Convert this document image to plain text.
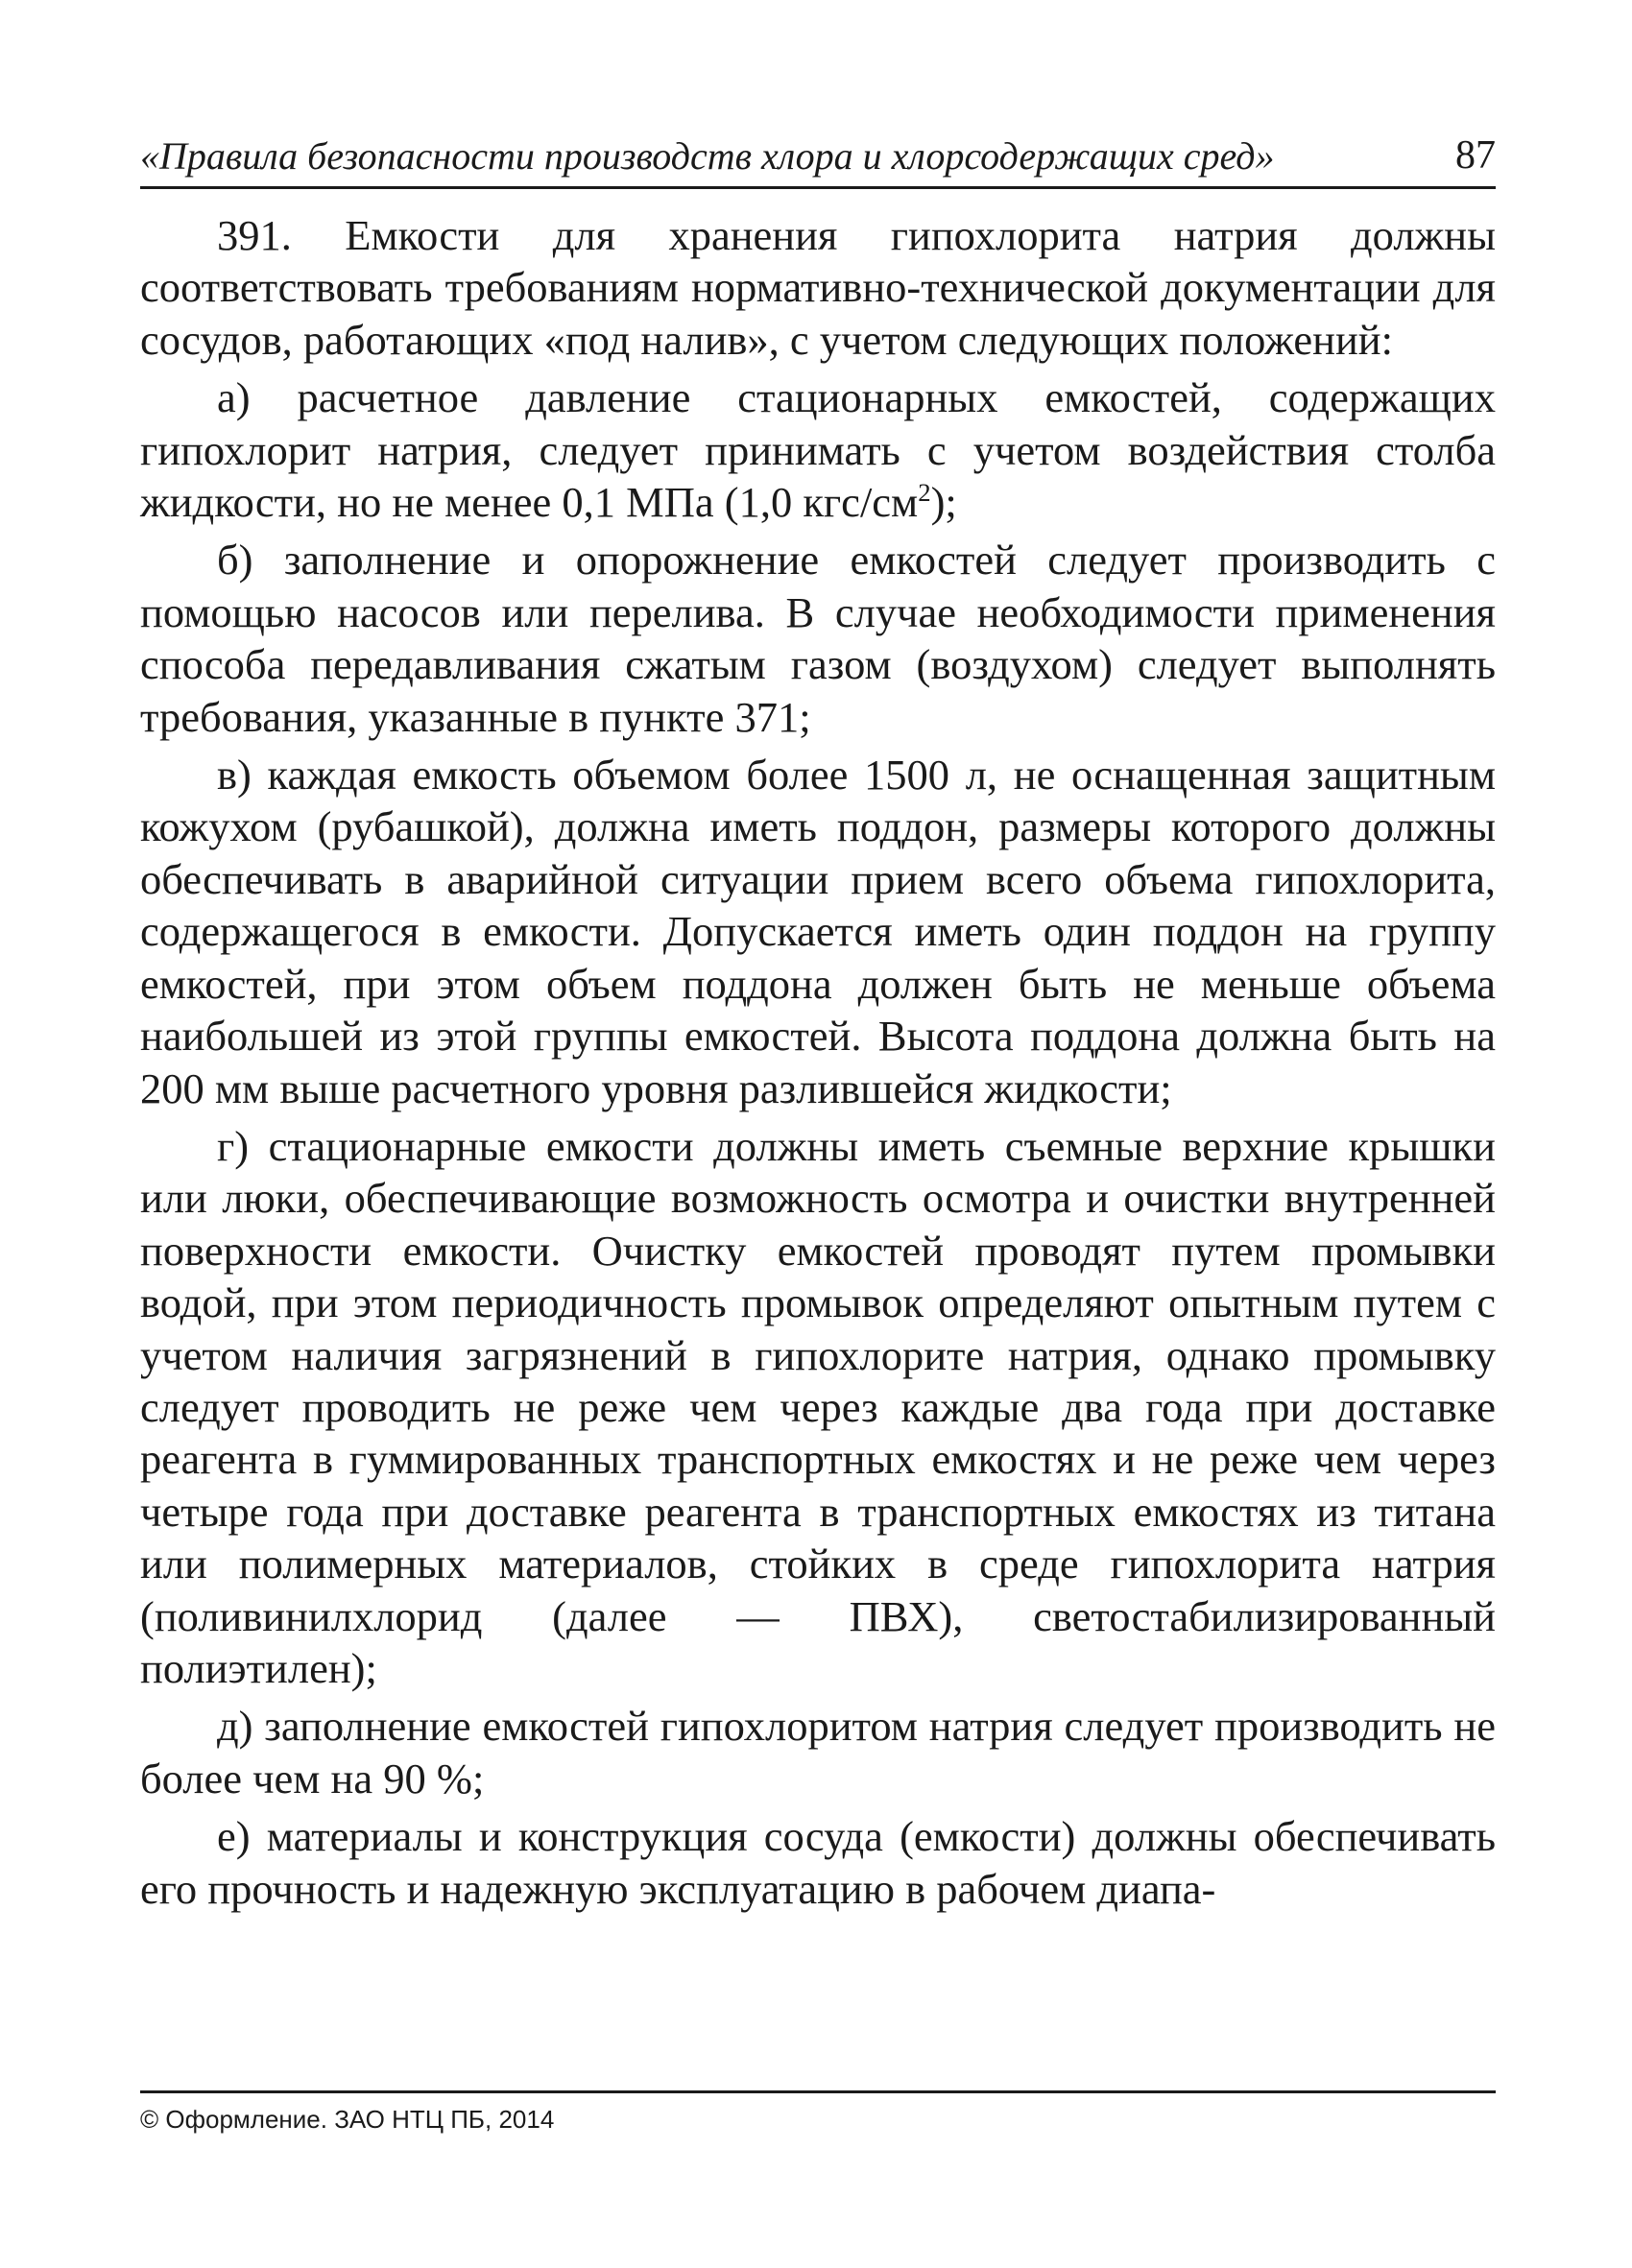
«Правила безопасности производств хлора и хлорсодержащих сред»	87

391. Емкости для хранения гипохлорита натрия должны соответствовать требованиям нормативно-технической документации для сосудов, работающих «под налив», с учетом следующих положений:

а) расчетное давление стационарных емкостей, содержащих гипохлорит натрия, следует принимать с учетом воздействия столба жидкости, но не менее 0,1 МПа (1,0 кгс/$см^2$);

б) заполнение и опорожнение емкостей следует производить с помощью насосов или перелива. В случае необходимости применения способа передавливания сжатым газом (воздухом) следует выполнять требования, указанные в пункте 371;

в) каждая емкость объемом более 1500 л, не оснащенная защитным кожухом (рубашкой), должна иметь поддон, размеры которого должны обеспечивать в аварийной ситуации прием всего объема гипохлорита, содержащегося в емкости. Допускается иметь один поддон на группу емкостей, при этом объем поддона должен быть не меньше объема наибольшей из этой группы емкостей. Высота поддона должна быть на 200 мм выше расчетного уровня разлившейся жидкости;

г) стационарные емкости должны иметь съемные верхние крышки или люки, обеспечивающие возможность осмотра и очистки внутренней поверхности емкости. Очистку емкостей проводят путем промывки водой, при этом периодичность промывок определяют опытным путем с учетом наличия загрязнений в гипохлорите натрия, однако промывку следует проводить не реже чем через каждые два года при доставке реагента в гуммированных транспортных емкостях и не реже чем через четыре года при доставке реагента в транспортных емкостях из титана или полимерных материалов, стойких в среде гипохлорита натрия (поливинилхлорид (далее — ПВХ), светостабилизированный полиэтилен);

д) заполнение емкостей гипохлоритом натрия следует производить не более чем на 90 %;

е) материалы и конструкция сосуда (емкости) должны обеспечивать его прочность и надежную эксплуатацию в рабочем диапа-

© Оформление. ЗАО НТЦ ПБ, 2014
